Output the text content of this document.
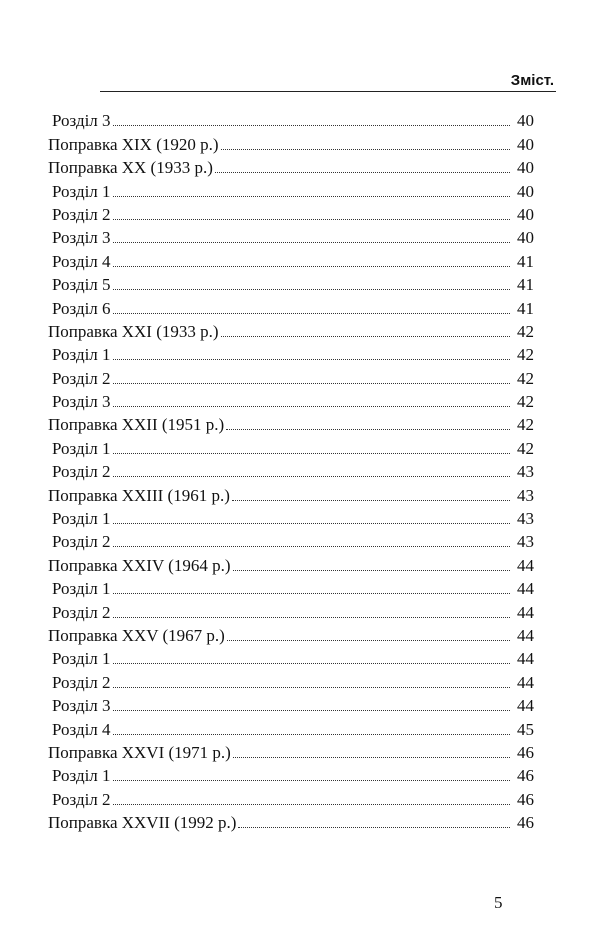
Зміст.
Розділ 3	40
Поправка XIX (1920 р.)	40
Поправка XX (1933 р.)	40
Розділ 1	40
Розділ 2	40
Розділ 3	40
Розділ 4	41
Розділ 5	41
Розділ 6	41
Поправка XXI (1933 р.)	42
Розділ 1	42
Розділ 2	42
Розділ 3	42
Поправка XXII (1951 р.)	42
Розділ 1	42
Розділ 2	43
Поправка XXIII (1961 р.)	43
Розділ 1	43
Розділ 2	43
Поправка XXIV (1964 р.)	44
Розділ 1	44
Розділ 2	44
Поправка XXV (1967 р.)	44
Розділ 1	44
Розділ 2	44
Розділ 3	44
Розділ 4	45
Поправка XXVI (1971 р.)	46
Розділ 1	46
Розділ 2	46
Поправка XXVII (1992 р.)	46
5
